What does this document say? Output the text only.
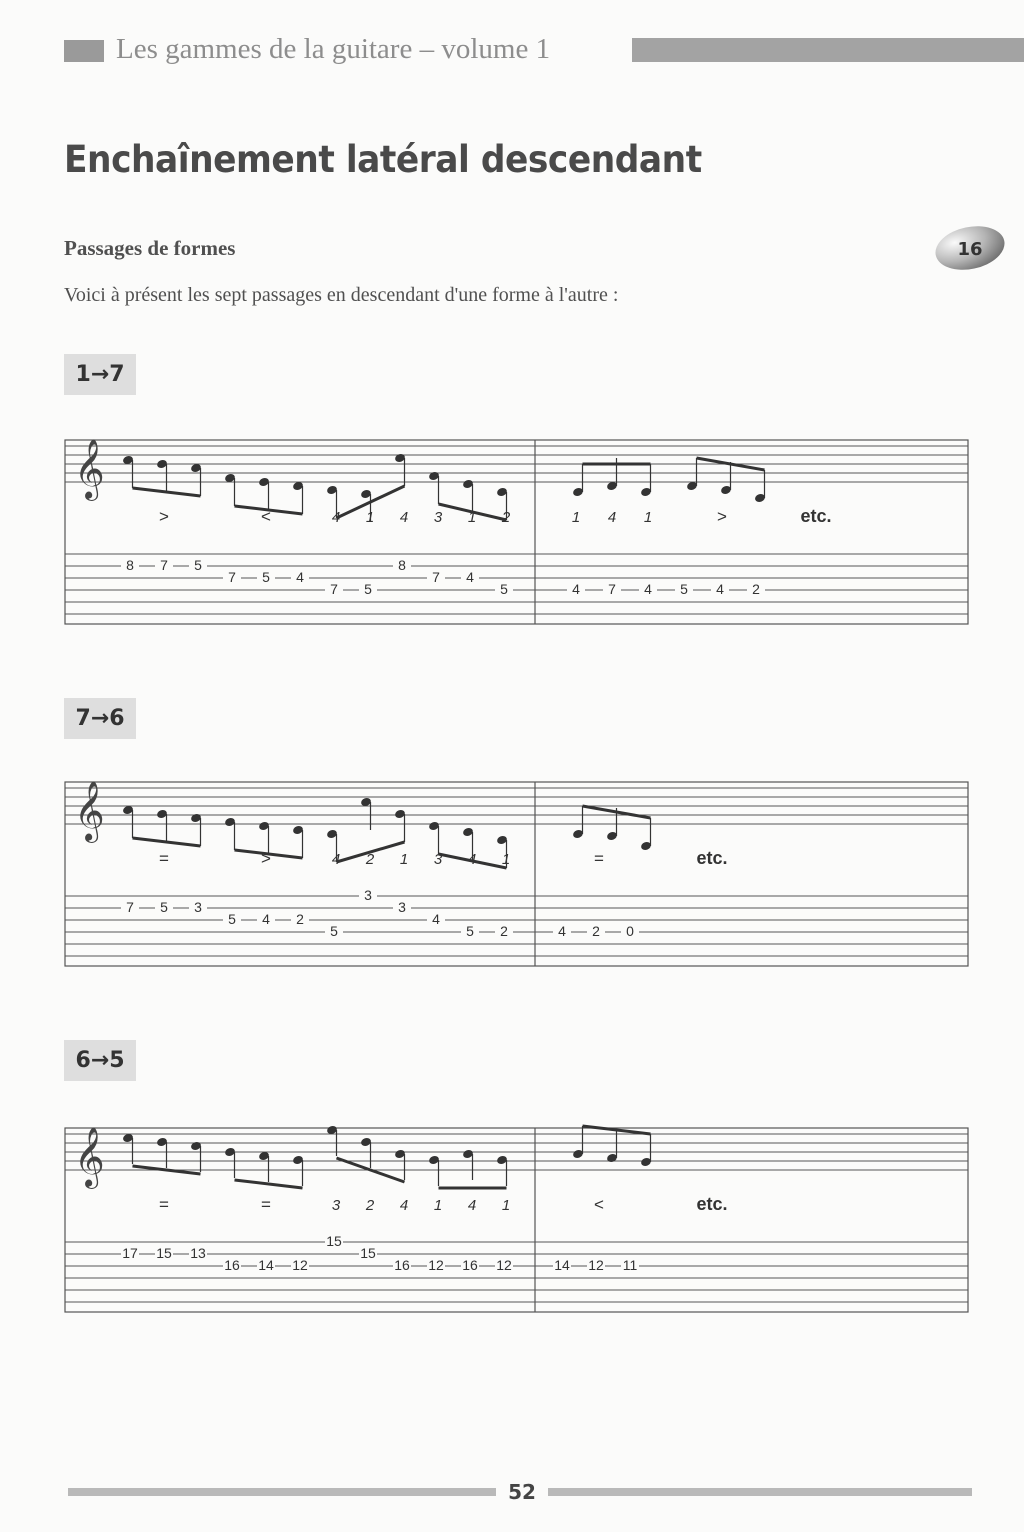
Les gammes de la guitare – volume 1
Enchaînement latéral descendant
Passages de formes	16
Voici à présent les sept passages en descendant d'une forme à l'autre :
1→7
7→6
6→5
𝄞
>	<	4 1 4 3 1 2	1 4 1	>	etc.
8 7 5
7 5 4
7 5
8
7 4
5	4 7 4 5 4 2
𝄞
=	>	4 2 1 3 4 1	=	etc.
7 5 3
5 4 2
5
3
3
4
5 2	4 2 0
𝄞
=	=	3 2 4 1 4 1	<	etc.
17 15 13
16 14 12
15
15
16 12 16 12	14 12 11
52
